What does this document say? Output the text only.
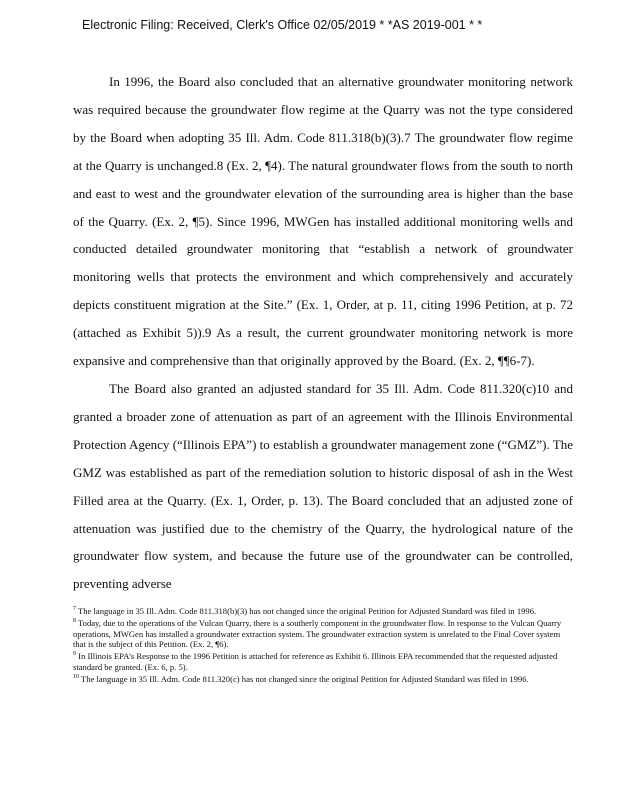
Electronic Filing: Received, Clerk's Office 02/05/2019 * *AS 2019-001 * *

In 1996, the Board also concluded that an alternative groundwater monitoring network was required because the groundwater flow regime at the Quarry was not the type considered by the Board when adopting 35 Ill. Adm. Code 811.318(b)(3).7 The groundwater flow regime at the Quarry is unchanged.8 (Ex. 2, ¶4). The natural groundwater flows from the south to north and east to west and the groundwater elevation of the surrounding area is higher than the base of the Quarry. (Ex. 2, ¶5). Since 1996, MWGen has installed additional monitoring wells and conducted detailed groundwater monitoring that “establish a network of groundwater monitoring wells that protects the environment and which comprehensively and accurately depicts constituent migration at the Site.” (Ex. 1, Order, at p. 11, citing 1996 Petition, at p. 72 (attached as Exhibit 5)).9 As a result, the current groundwater monitoring network is more expansive and comprehensive than that originally approved by the Board. (Ex. 2, ¶¶6-7).

The Board also granted an adjusted standard for 35 Ill. Adm. Code 811.320(c)10 and granted a broader zone of attenuation as part of an agreement with the Illinois Environmental Protection Agency (“Illinois EPA”) to establish a groundwater management zone (“GMZ”). The GMZ was established as part of the remediation solution to historic disposal of ash in the West Filled area at the Quarry. (Ex. 1, Order, p. 13). The Board concluded that an adjusted zone of attenuation was justified due to the chemistry of the Quarry, the hydrological nature of the groundwater flow system, and because the future use of the groundwater can be controlled, preventing adverse

$^7$ The language in 35 Ill. Adm. Code 811.318(b)(3) has not changed since the original Petition for Adjusted Standard was filed in 1996.
$^8$ Today, due to the operations of the Vulcan Quarry, there is a southerly component in the groundwater flow. In response to the Vulcan Quarry operations, MWGen has installed a groundwater extraction system. The groundwater extraction system is unrelated to the Final Cover system that is the subject of this Petition. (Ex. 2, ¶6).
$^9$ In Illinois EPA’s Response to the 1996 Petition is attached for reference as Exhibit 6. Illinois EPA recommended that the requested adjusted standard be granted. (Ex. 6, p. 5).
$^{10}$ The language in 35 Ill. Adm. Code 811.320(c) has not changed since the original Petition for Adjusted Standard was filed in 1996.
